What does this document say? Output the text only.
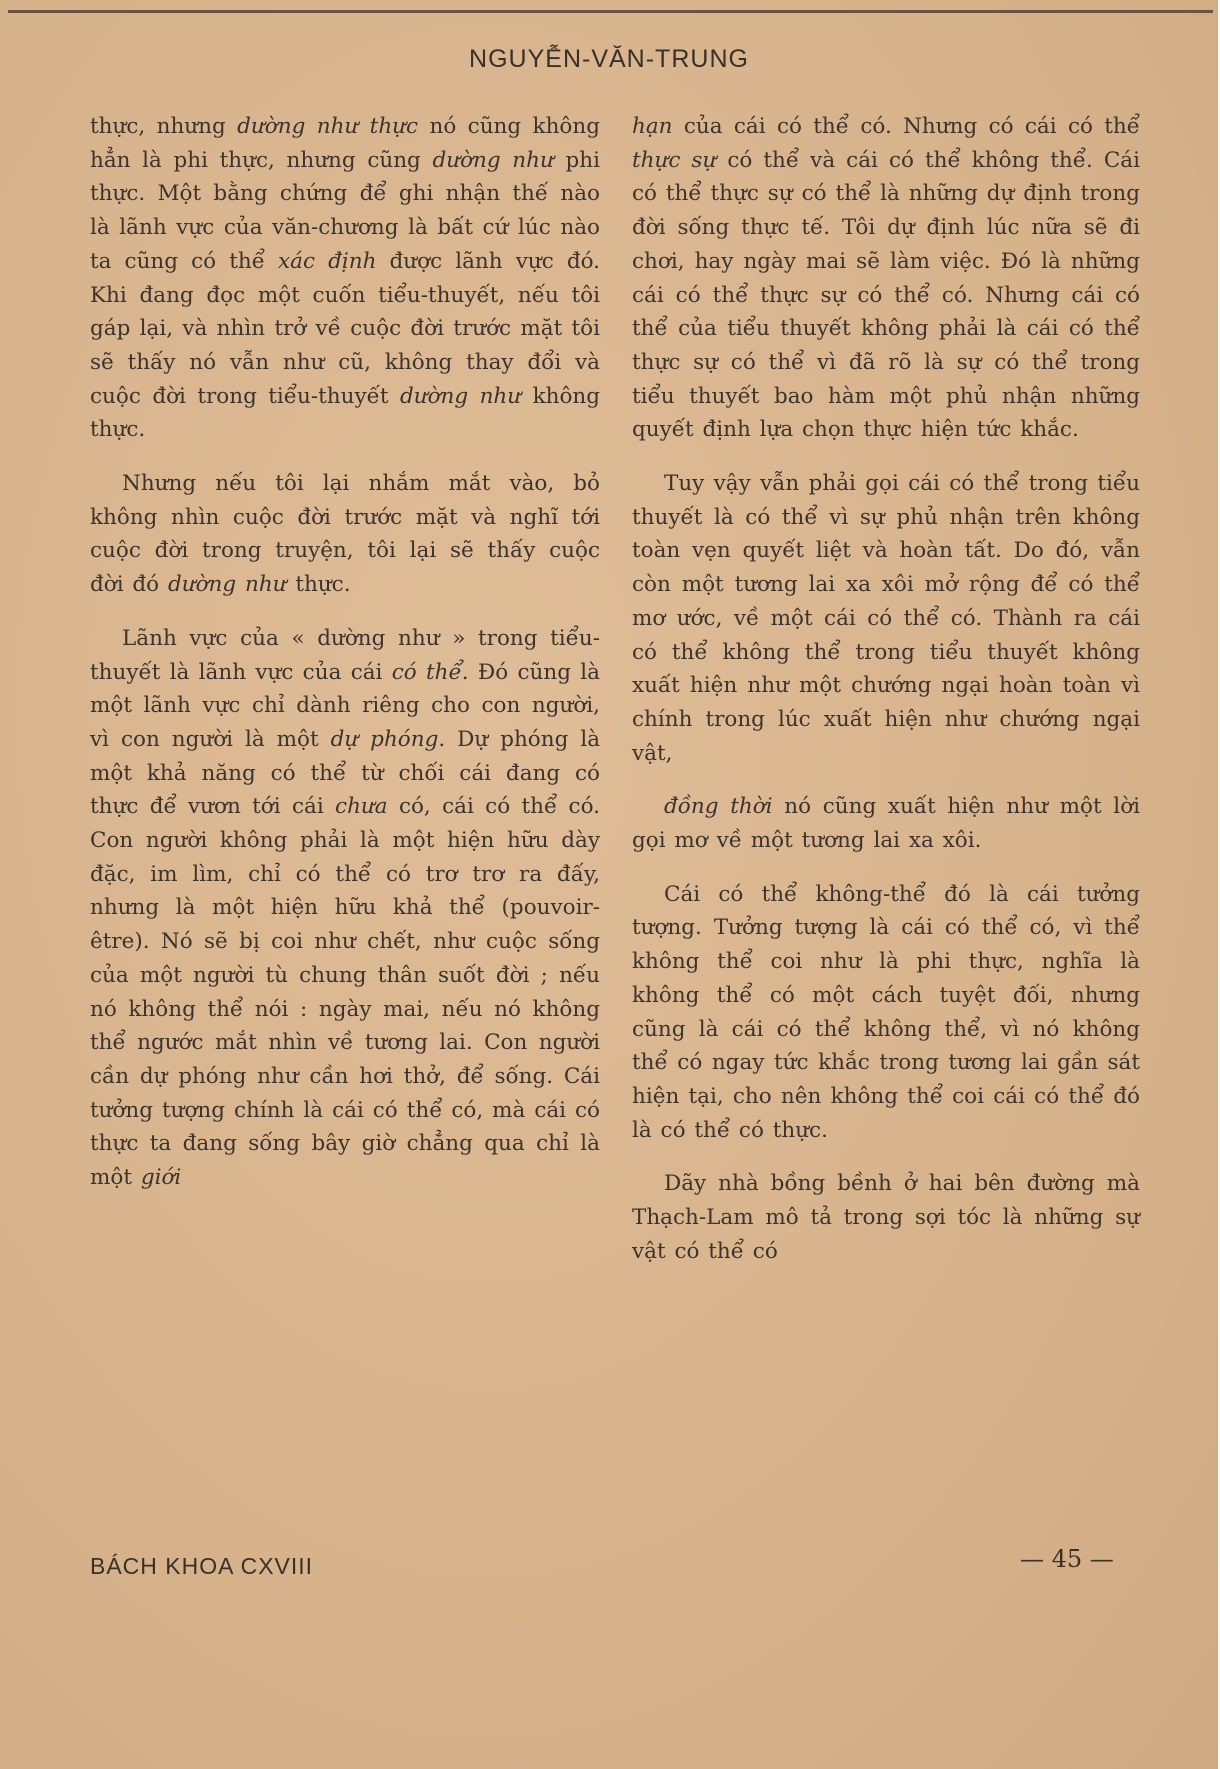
NGUYỄN-VĂN-TRUNG

thực, nhưng dường như thực nó cũng không hẳn là phi thực, nhưng cũng dường như phi thực. Một bằng chứng để ghi nhận thế nào là lãnh vực của văn-chương là bất cứ lúc nào ta cũng có thể xác định được lãnh vực đó. Khi đang đọc một cuốn tiểu-thuyết, nếu tôi gáp lại, và nhìn trở về cuộc đời trước mặt tôi sẽ thấy nó vẫn như cũ, không thay đổi và cuộc đời trong tiểu-thuyết dường như không thực.

Nhưng nếu tôi lại nhắm mắt vào, bỏ không nhìn cuộc đời trước mặt và nghĩ tới cuộc đời trong truyện, tôi lại sẽ thấy cuộc đời đó dường như thực.

Lãnh vực của « dường như » trong tiểu-thuyết là lãnh vực của cái có thể. Đó cũng là một lãnh vực chỉ dành riêng cho con người, vì con người là một dự phóng. Dự phóng là một khả năng có thể từ chối cái đang có thực để vươn tới cái chưa có, cái có thể có. Con người không phải là một hiện hữu dày đặc, im lìm, chỉ có thể có trơ trơ ra đấy, nhưng là một hiện hữu khả thể (pouvoir-être). Nó sẽ bị coi như chết, như cuộc sống của một người tù chung thân suốt đời ; nếu nó không thể nói : ngày mai, nếu nó không thể ngước mắt nhìn về tương lai. Con người cần dự phóng như cần hơi thở, để sống. Cái tưởng tượng chính là cái có thể có, mà cái có thực ta đang sống bây giờ chẳng qua chỉ là một giới

hạn của cái có thể có. Nhưng có cái có thể thực sự có thể và cái có thể không thể. Cái có thể thực sự có thể là những dự định trong đời sống thực tế. Tôi dự định lúc nữa sẽ đi chơi, hay ngày mai sẽ làm việc. Đó là những cái có thể thực sự có thể có. Nhưng cái có thể của tiểu thuyết không phải là cái có thể thực sự có thể vì đã rõ là sự có thể trong tiểu thuyết bao hàm một phủ nhận những quyết định lựa chọn thực hiện tức khắc.

Tuy vậy vẫn phải gọi cái có thể trong tiểu thuyết là có thể vì sự phủ nhận trên không toàn vẹn quyết liệt và hoàn tất. Do đó, vẫn còn một tương lai xa xôi mở rộng để có thể mơ ước, về một cái có thể có. Thành ra cái có thể không thể trong tiểu thuyết không xuất hiện như một chướng ngại hoàn toàn vì chính trong lúc xuất hiện như chướng ngại vật,

đồng thời nó cũng xuất hiện như một lời gọi mơ về một tương lai xa xôi.

Cái có thể không-thể đó là cái tưởng tượng. Tưởng tượng là cái có thể có, vì thể không thể coi như là phi thực, nghĩa là không thể có một cách tuyệt đối, nhưng cũng là cái có thể không thể, vì nó không thể có ngay tức khắc trong tương lai gần sát hiện tại, cho nên không thể coi cái có thể đó là có thể có thực.

Dãy nhà bồng bềnh ở hai bên đường mà Thạch-Lam mô tả trong sợi tóc là những sự vật có thể có

BÁCH KHOA CXVIII	— 45 —
